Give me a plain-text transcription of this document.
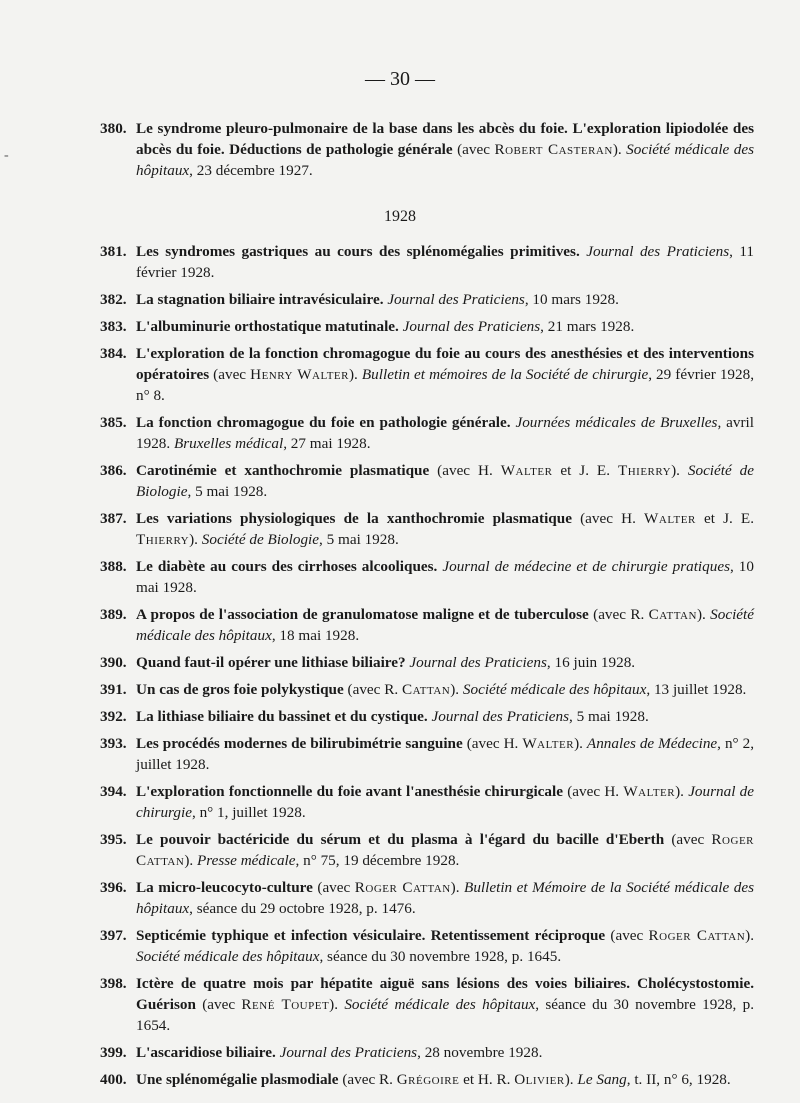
— 30 —
‐
380. Le syndrome pleuro-pulmonaire de la base dans les abcès du foie. L'exploration lipiodolée des abcès du foie. Déductions de pathologie générale (avec Robert Casteran). Société médicale des hôpitaux, 23 décembre 1927.
1928
381. Les syndromes gastriques au cours des splénomégalies primitives. Journal des Praticiens, 11 février 1928.
382. La stagnation biliaire intravésiculaire. Journal des Praticiens, 10 mars 1928.
383. L'albuminurie orthostatique matutinale. Journal des Praticiens, 21 mars 1928.
384. L'exploration de la fonction chromagogue du foie au cours des anesthésies et des interventions opératoires (avec Henry Walter). Bulletin et mémoires de la Société de chirurgie, 29 février 1928, n° 8.
385. La fonction chromagogue du foie en pathologie générale. Journées médicales de Bruxelles, avril 1928. Bruxelles médical, 27 mai 1928.
386. Carotinémie et xanthochromie plasmatique (avec H. Walter et J. E. Thierry). Société de Biologie, 5 mai 1928.
387. Les variations physiologiques de la xanthochromie plasmatique (avec H. Walter et J. E. Thierry). Société de Biologie, 5 mai 1928.
388. Le diabète au cours des cirrhoses alcooliques. Journal de médecine et de chirurgie pratiques, 10 mai 1928.
389. A propos de l'association de granulomatose maligne et de tuberculose (avec R. Cattan). Société médicale des hôpitaux, 18 mai 1928.
390. Quand faut-il opérer une lithiase biliaire? Journal des Praticiens, 16 juin 1928.
391. Un cas de gros foie polykystique (avec R. Cattan). Société médicale des hôpitaux, 13 juillet 1928.
392. La lithiase biliaire du bassinet et du cystique. Journal des Praticiens, 5 mai 1928.
393. Les procédés modernes de bilirubimétrie sanguine (avec H. Walter). Annales de Médecine, n° 2, juillet 1928.
394. L'exploration fonctionnelle du foie avant l'anesthésie chirurgicale (avec H. Walter). Journal de chirurgie, n° 1, juillet 1928.
395. Le pouvoir bactéricide du sérum et du plasma à l'égard du bacille d'Eberth (avec Roger Cattan). Presse médicale, n° 75, 19 décembre 1928.
396. La micro-leucocyto-culture (avec Roger Cattan). Bulletin et Mémoire de la Société médicale des hôpitaux, séance du 29 octobre 1928, p. 1476.
397. Septicémie typhique et infection vésiculaire. Retentissement réciproque (avec Roger Cattan). Société médicale des hôpitaux, séance du 30 novembre 1928, p. 1645.
398. Ictère de quatre mois par hépatite aiguë sans lésions des voies biliaires. Cholécystostomie. Guérison (avec René Toupet). Société médicale des hôpitaux, séance du 30 novembre 1928, p. 1654.
399. L'ascaridiose biliaire. Journal des Praticiens, 28 novembre 1928.
400. Une splénomégalie plasmodiale (avec R. Grégoire et H. R. Olivier). Le Sang, t. II, n° 6, 1928.
